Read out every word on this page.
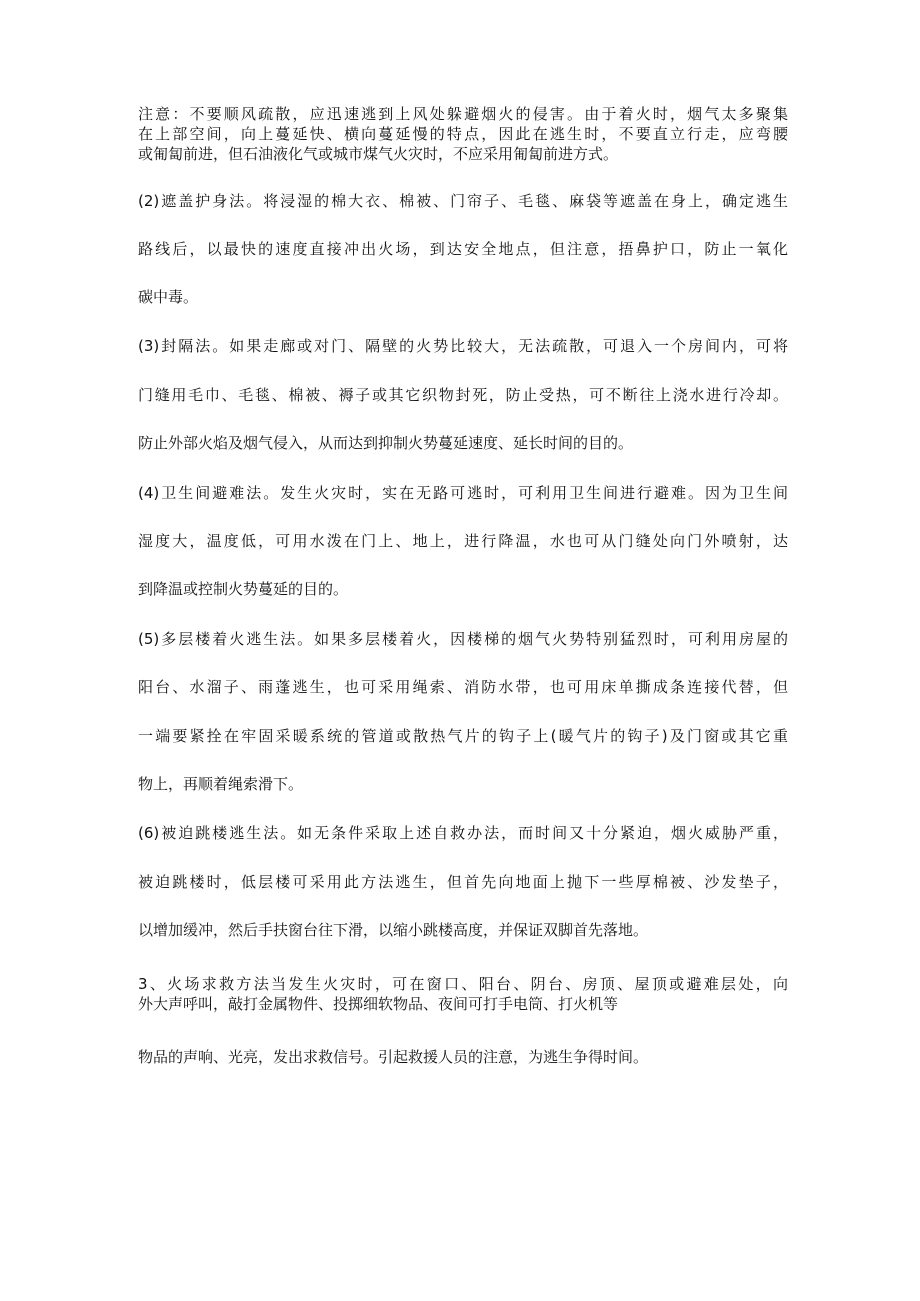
注意：不要顺风疏散，应迅速逃到上风处躲避烟火的侵害。由于着火时，烟气太多聚集
在上部空间，向上蔓延快、横向蔓延慢的特点，因此在逃生时，不要直立行走，应弯腰
或匍匐前进，但石油液化气或城市煤气火灾时，不应采用匍匐前进方式。
(2)遮盖护身法。将浸湿的棉大衣、棉被、门帘子、毛毯、麻袋等遮盖在身上，确定逃生
路线后，以最快的速度直接冲出火场，到达安全地点，但注意，捂鼻护口，防止一氧化
碳中毒。
(3)封隔法。如果走廊或对门、隔壁的火势比较大，无法疏散，可退入一个房间内，可将
门缝用毛巾、毛毯、棉被、褥子或其它织物封死，防止受热，可不断往上浇水进行冷却。
防止外部火焰及烟气侵入，从而达到抑制火势蔓延速度、延长时间的目的。
(4)卫生间避难法。发生火灾时，实在无路可逃时，可利用卫生间进行避难。因为卫生间
湿度大，温度低，可用水泼在门上、地上，进行降温，水也可从门缝处向门外喷射，达
到降温或控制火势蔓延的目的。
(5)多层楼着火逃生法。如果多层楼着火，因楼梯的烟气火势特别猛烈时，可利用房屋的
阳台、水溜子、雨蓬逃生，也可采用绳索、消防水带，也可用床单撕成条连接代替，但
一端要紧拴在牢固采暖系统的管道或散热气片的钩子上(暖气片的钩子)及门窗或其它重
物上，再顺着绳索滑下。
(6)被迫跳楼逃生法。如无条件采取上述自救办法，而时间又十分紧迫，烟火威胁严重，
被迫跳楼时，低层楼可采用此方法逃生，但首先向地面上抛下一些厚棉被、沙发垫子，
以增加缓冲，然后手扶窗台往下滑，以缩小跳楼高度，并保证双脚首先落地。
3、火场求救方法当发生火灾时，可在窗口、阳台、阴台、房顶、屋顶或避难层处，向
外大声呼叫，敲打金属物件、投掷细软物品、夜间可打手电筒、打火机等
物品的声响、光亮，发出求救信号。引起救援人员的注意，为逃生争得时间。
